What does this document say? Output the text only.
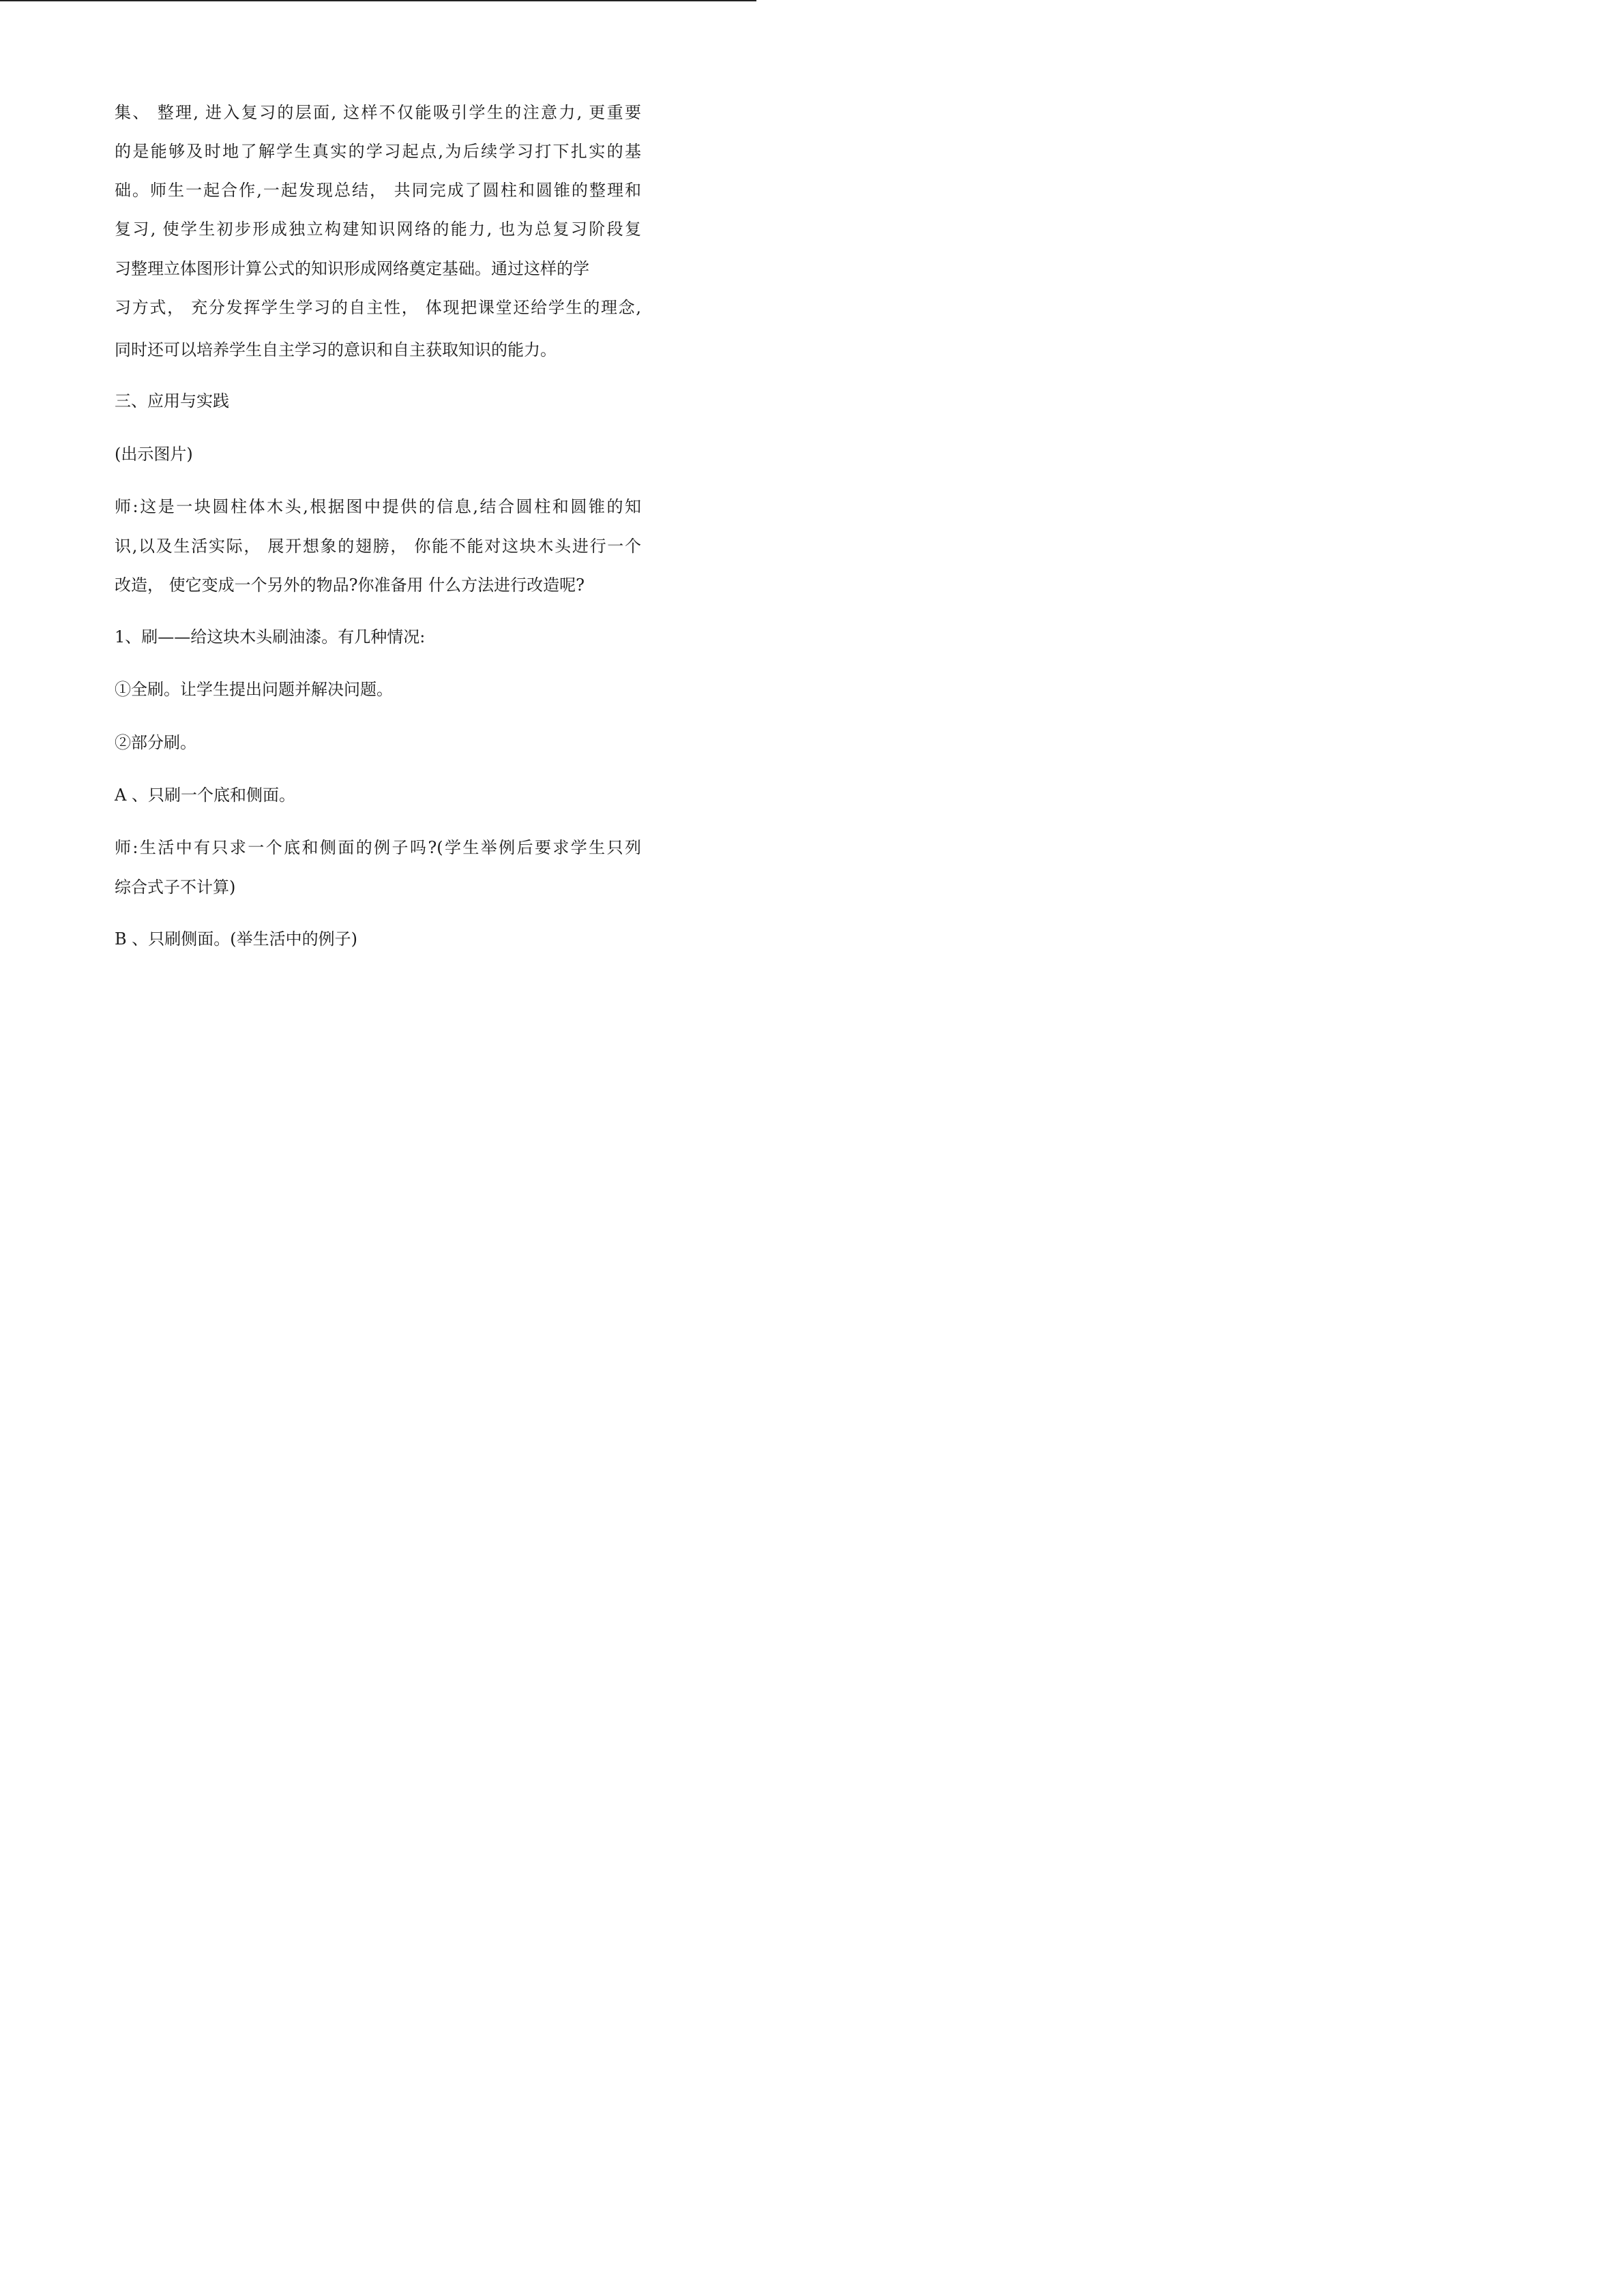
集、 整理, 进入复习的层面, 这样不仅能吸引学生的注意力, 更重要
的是能够及时地了解学生真实的学习起点,为后续学习打下扎实的基
础。师生一起合作,一起发现总结， 共同完成了圆柱和圆锥的整理和
复习, 使学生初步形成独立构建知识网络的能力, 也为总复习阶段复
习整理立体图形计算公式的知识形成网络奠定基础。通过这样的学
习方式， 充分发挥学生学习的自主性， 体现把课堂还给学生的理念,
同时还可以培养学生自主学习的意识和自主获取知识的能力。
三、应用与实践
(出示图片)
师:这是一块圆柱体木头,根据图中提供的信息,结合圆柱和圆锥的知
识,以及生活实际， 展开想象的翅膀， 你能不能对这块木头进行一个
改造， 使它变成一个另外的物品?你准备用 什么方法进行改造呢?
1、刷——给这块木头刷油漆。有几种情况:
①全刷。让学生提出问题并解决问题。
②部分刷。
A 、只刷一个底和侧面。
师:生活中有只求一个底和侧面的例子吗?(学生举例后要求学生只列
综合式子不计算)
B 、只刷侧面。(举生活中的例子)
